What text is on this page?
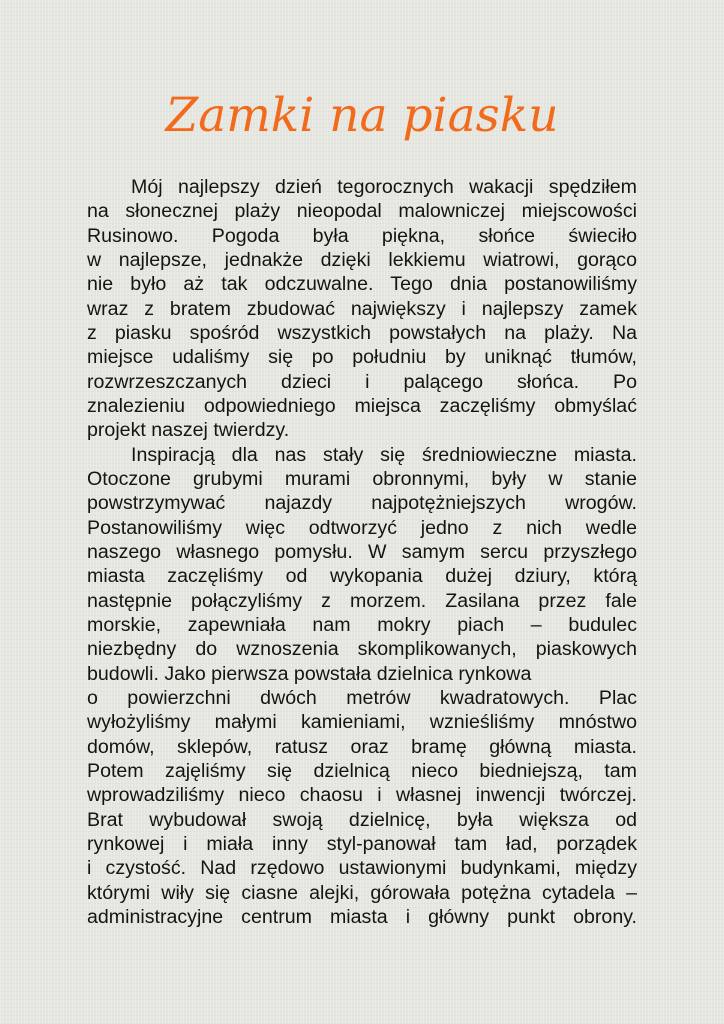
Zamki na piasku
Mój najlepszy dzień tegorocznych wakacji spędziłem
na słonecznej plaży nieopodal malowniczej miejscowości
Rusinowo. Pogoda była piękna, słońce świeciło
w najlepsze, jednakże dzięki lekkiemu wiatrowi, gorąco
nie było aż tak odczuwalne. Tego dnia postanowiliśmy
wraz z bratem zbudować największy i najlepszy zamek
z piasku spośród wszystkich powstałych na plaży. Na
miejsce udaliśmy się po południu by uniknąć tłumów,
rozwrzeszczanych dzieci i palącego słońca. Po
znalezieniu odpowiedniego miejsca zaczęliśmy obmyślać
projekt naszej twierdzy.
Inspiracją dla nas stały się średniowieczne miasta.
Otoczone grubymi murami obronnymi, były w stanie
powstrzymywać najazdy najpotężniejszych wrogów.
Postanowiliśmy więc odtworzyć jedno z nich wedle
naszego własnego pomysłu. W samym sercu przyszłego
miasta zaczęliśmy od wykopania dużej dziury, którą
następnie połączyliśmy z morzem. Zasilana przez fale
morskie, zapewniała nam mokry piach – budulec
niezbędny do wznoszenia skomplikowanych, piaskowych
budowli. Jako pierwsza powstała dzielnica rynkowa
o powierzchni dwóch metrów kwadratowych. Plac
wyłożyliśmy małymi kamieniami, wznieśliśmy mnóstwo
domów, sklepów, ratusz oraz bramę główną miasta.
Potem zajęliśmy się dzielnicą nieco biedniejszą, tam
wprowadziliśmy nieco chaosu i własnej inwencji twórczej.
Brat wybudował swoją dzielnicę, była większa od
rynkowej i miała inny styl-panował tam ład, porządek
i czystość. Nad rzędowo ustawionymi budynkami, między
którymi wiły się ciasne alejki, górowała potężna cytadela –
administracyjne centrum miasta i główny punkt obrony.
